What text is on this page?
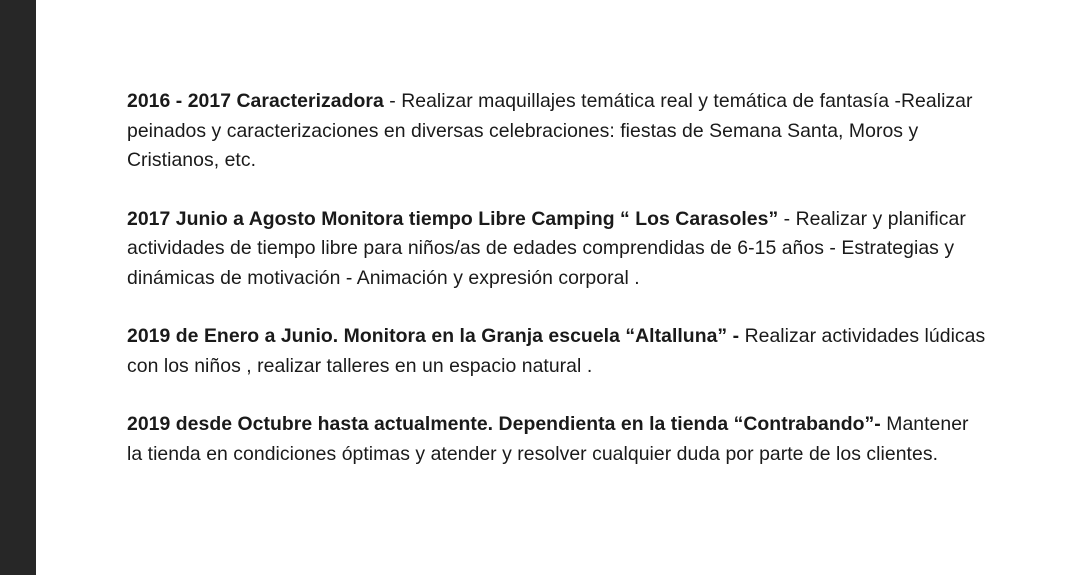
2016 - 2017 Caracterizadora - Realizar maquillajes temática real y temática de fantasía -Realizar peinados y caracterizaciones en diversas celebraciones: fiestas de Semana Santa, Moros y Cristianos, etc.

2017 Junio a Agosto Monitora tiempo Libre Camping “ Los Carasoles” - Realizar y planificar actividades de tiempo libre para niños/as de edades comprendidas de 6-15 años - Estrategias y dinámicas de motivación - Animación y expresión corporal .

2019 de Enero a Junio. Monitora en la Granja escuela “Altalluna” - Realizar actividades lúdicas con los niños , realizar talleres en un espacio natural .

2019 desde Octubre hasta actualmente. Dependienta en la tienda “Contrabando”- Mantener la tienda en condiciones óptimas y atender y resolver cualquier duda por parte de los clientes.
